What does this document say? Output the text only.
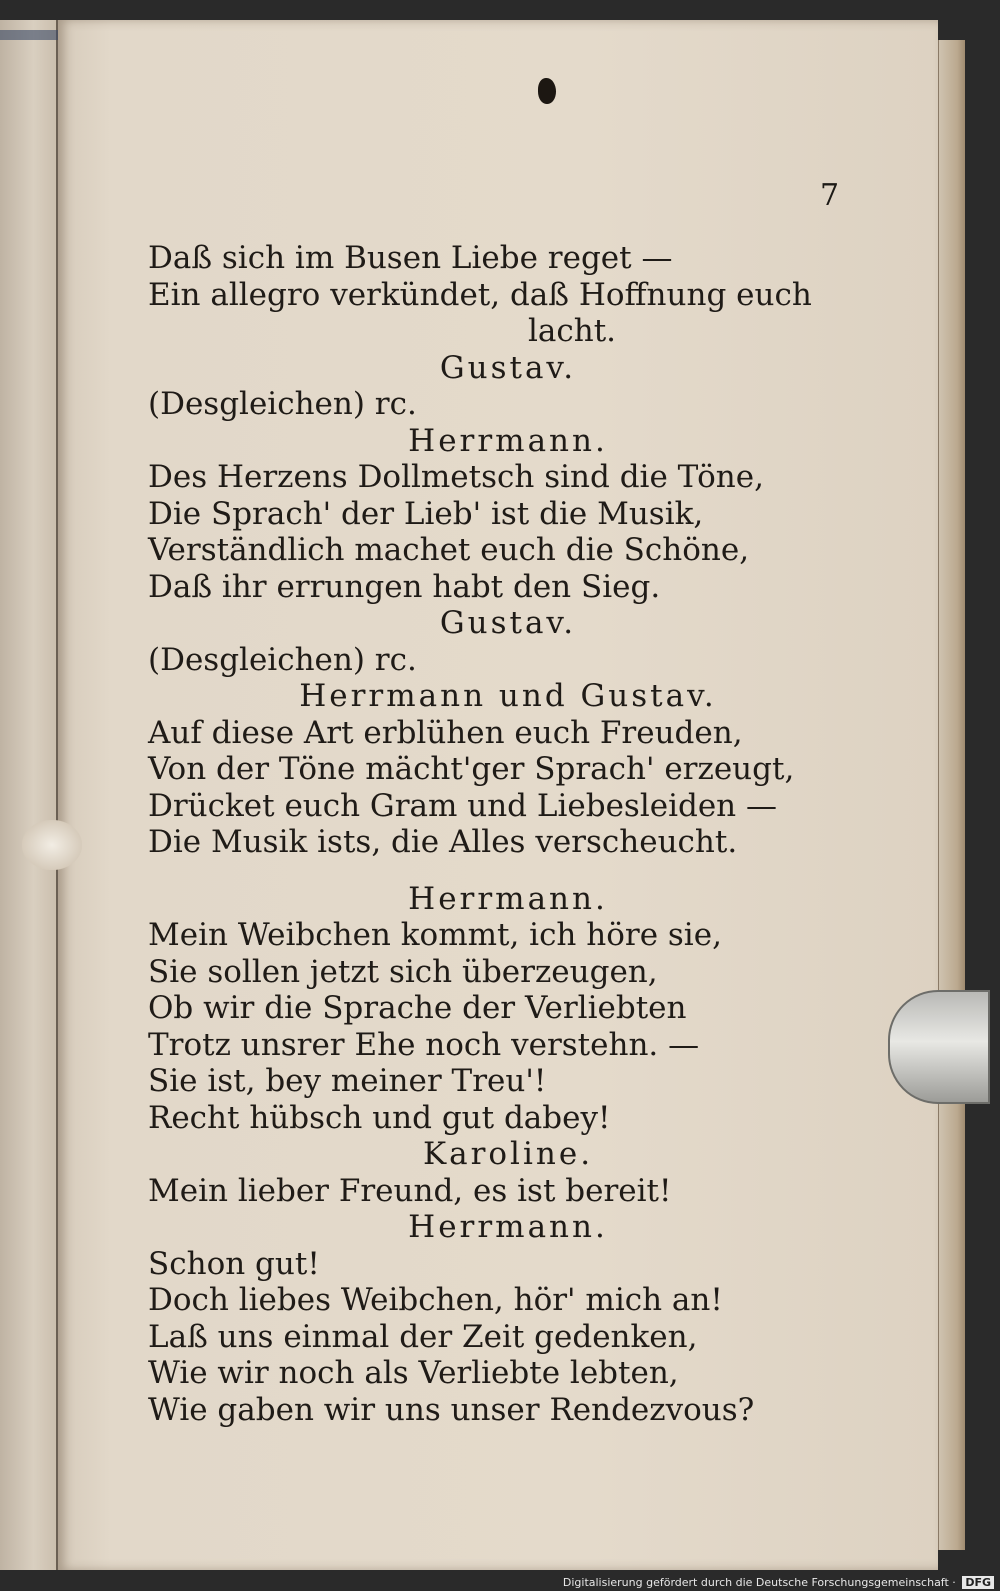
7
Daß sich im Busen Liebe reget —
Ein allegro verkündet, daß Hoffnung euch
lacht.
Gustav.
(Desgleichen) rc.
Herrmann.
Des Herzens Dollmetsch sind die Töne,
Die Sprach' der Lieb' ist die Musik,
Verständlich machet euch die Schöne,
Daß ihr errungen habt den Sieg.
Gustav.
(Desgleichen) rc.
Herrmann und Gustav.
Auf diese Art erblühen euch Freuden,
Von der Töne mächt'ger Sprach' erzeugt,
Drücket euch Gram und Liebesleiden —
Die Musik ists, die Alles verscheucht.
Herrmann.
Mein Weibchen kommt, ich höre sie,
Sie sollen jetzt sich überzeugen,
Ob wir die Sprache der Verliebten
Trotz unsrer Ehe noch verstehn. —
Sie ist, bey meiner Treu'!
Recht hübsch und gut dabey!
Karoline.
Mein lieber Freund, es ist bereit!
Herrmann.
Schon gut!
Doch liebes Weibchen, hör' mich an!
Laß uns einmal der Zeit gedenken,
Wie wir noch als Verliebte lebten,
Wie gaben wir uns unser Rendezvous?
Digitalisierung gefördert durch die Deutsche Forschungsgemeinschaft · DFG
